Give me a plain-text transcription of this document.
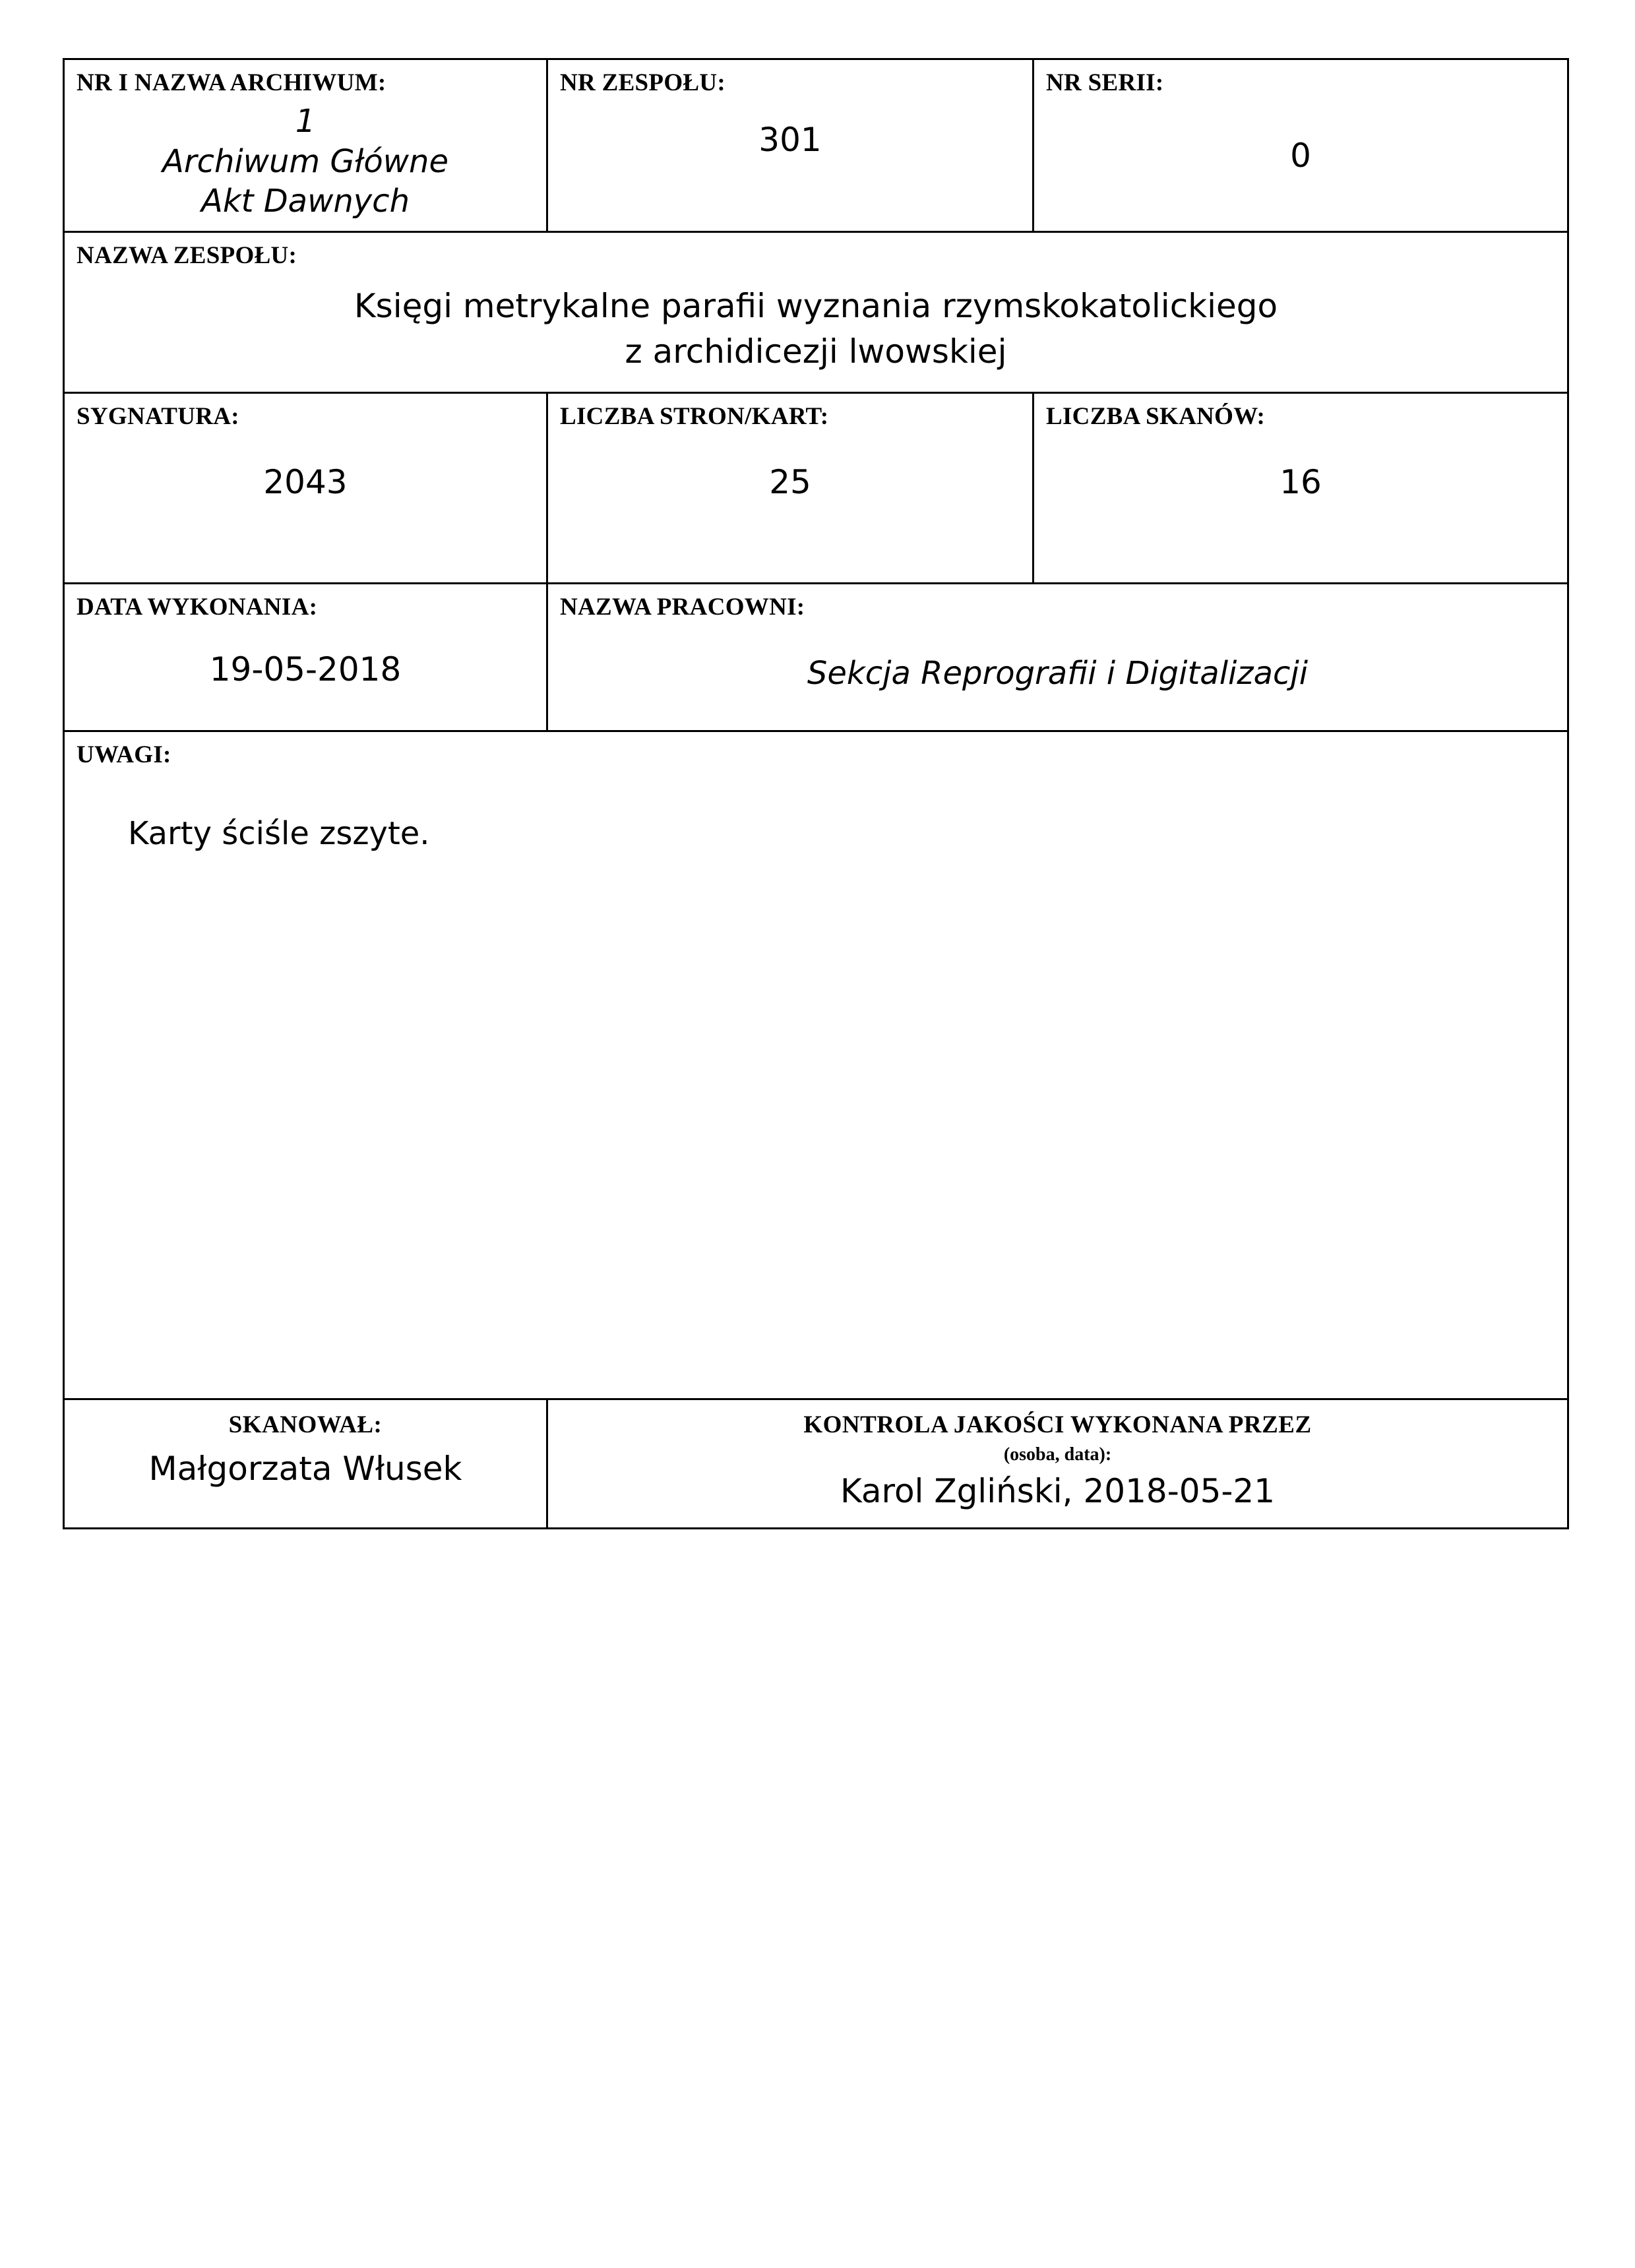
NR I NAZWA ARCHIWUM:
1
Archiwum Główne
Akt Dawnych

NR ZESPOŁU:
301

NR SERII:
0

NAZWA ZESPOŁU:
Księgi metrykalne parafii wyznania rzymskokatolickiego
z archidicezji lwowskiej		

SYGNATURA:
2043

LICZBA STRON/KART:
25

LICZBA SKANÓW:
16

DATA WYKONANIA:
19-05-2018

NAZWA PRACOWNI:
Sekcja Reprografii i Digitalizacji

UWAGI:
Karty ściśle zszyte.		

SKANOWAŁ:
Małgorzata Włusek

KONTROLA JAKOŚCI WYKONANA PRZEZ
(osoba, data):
Karol Zgliński, 2018-05-21
